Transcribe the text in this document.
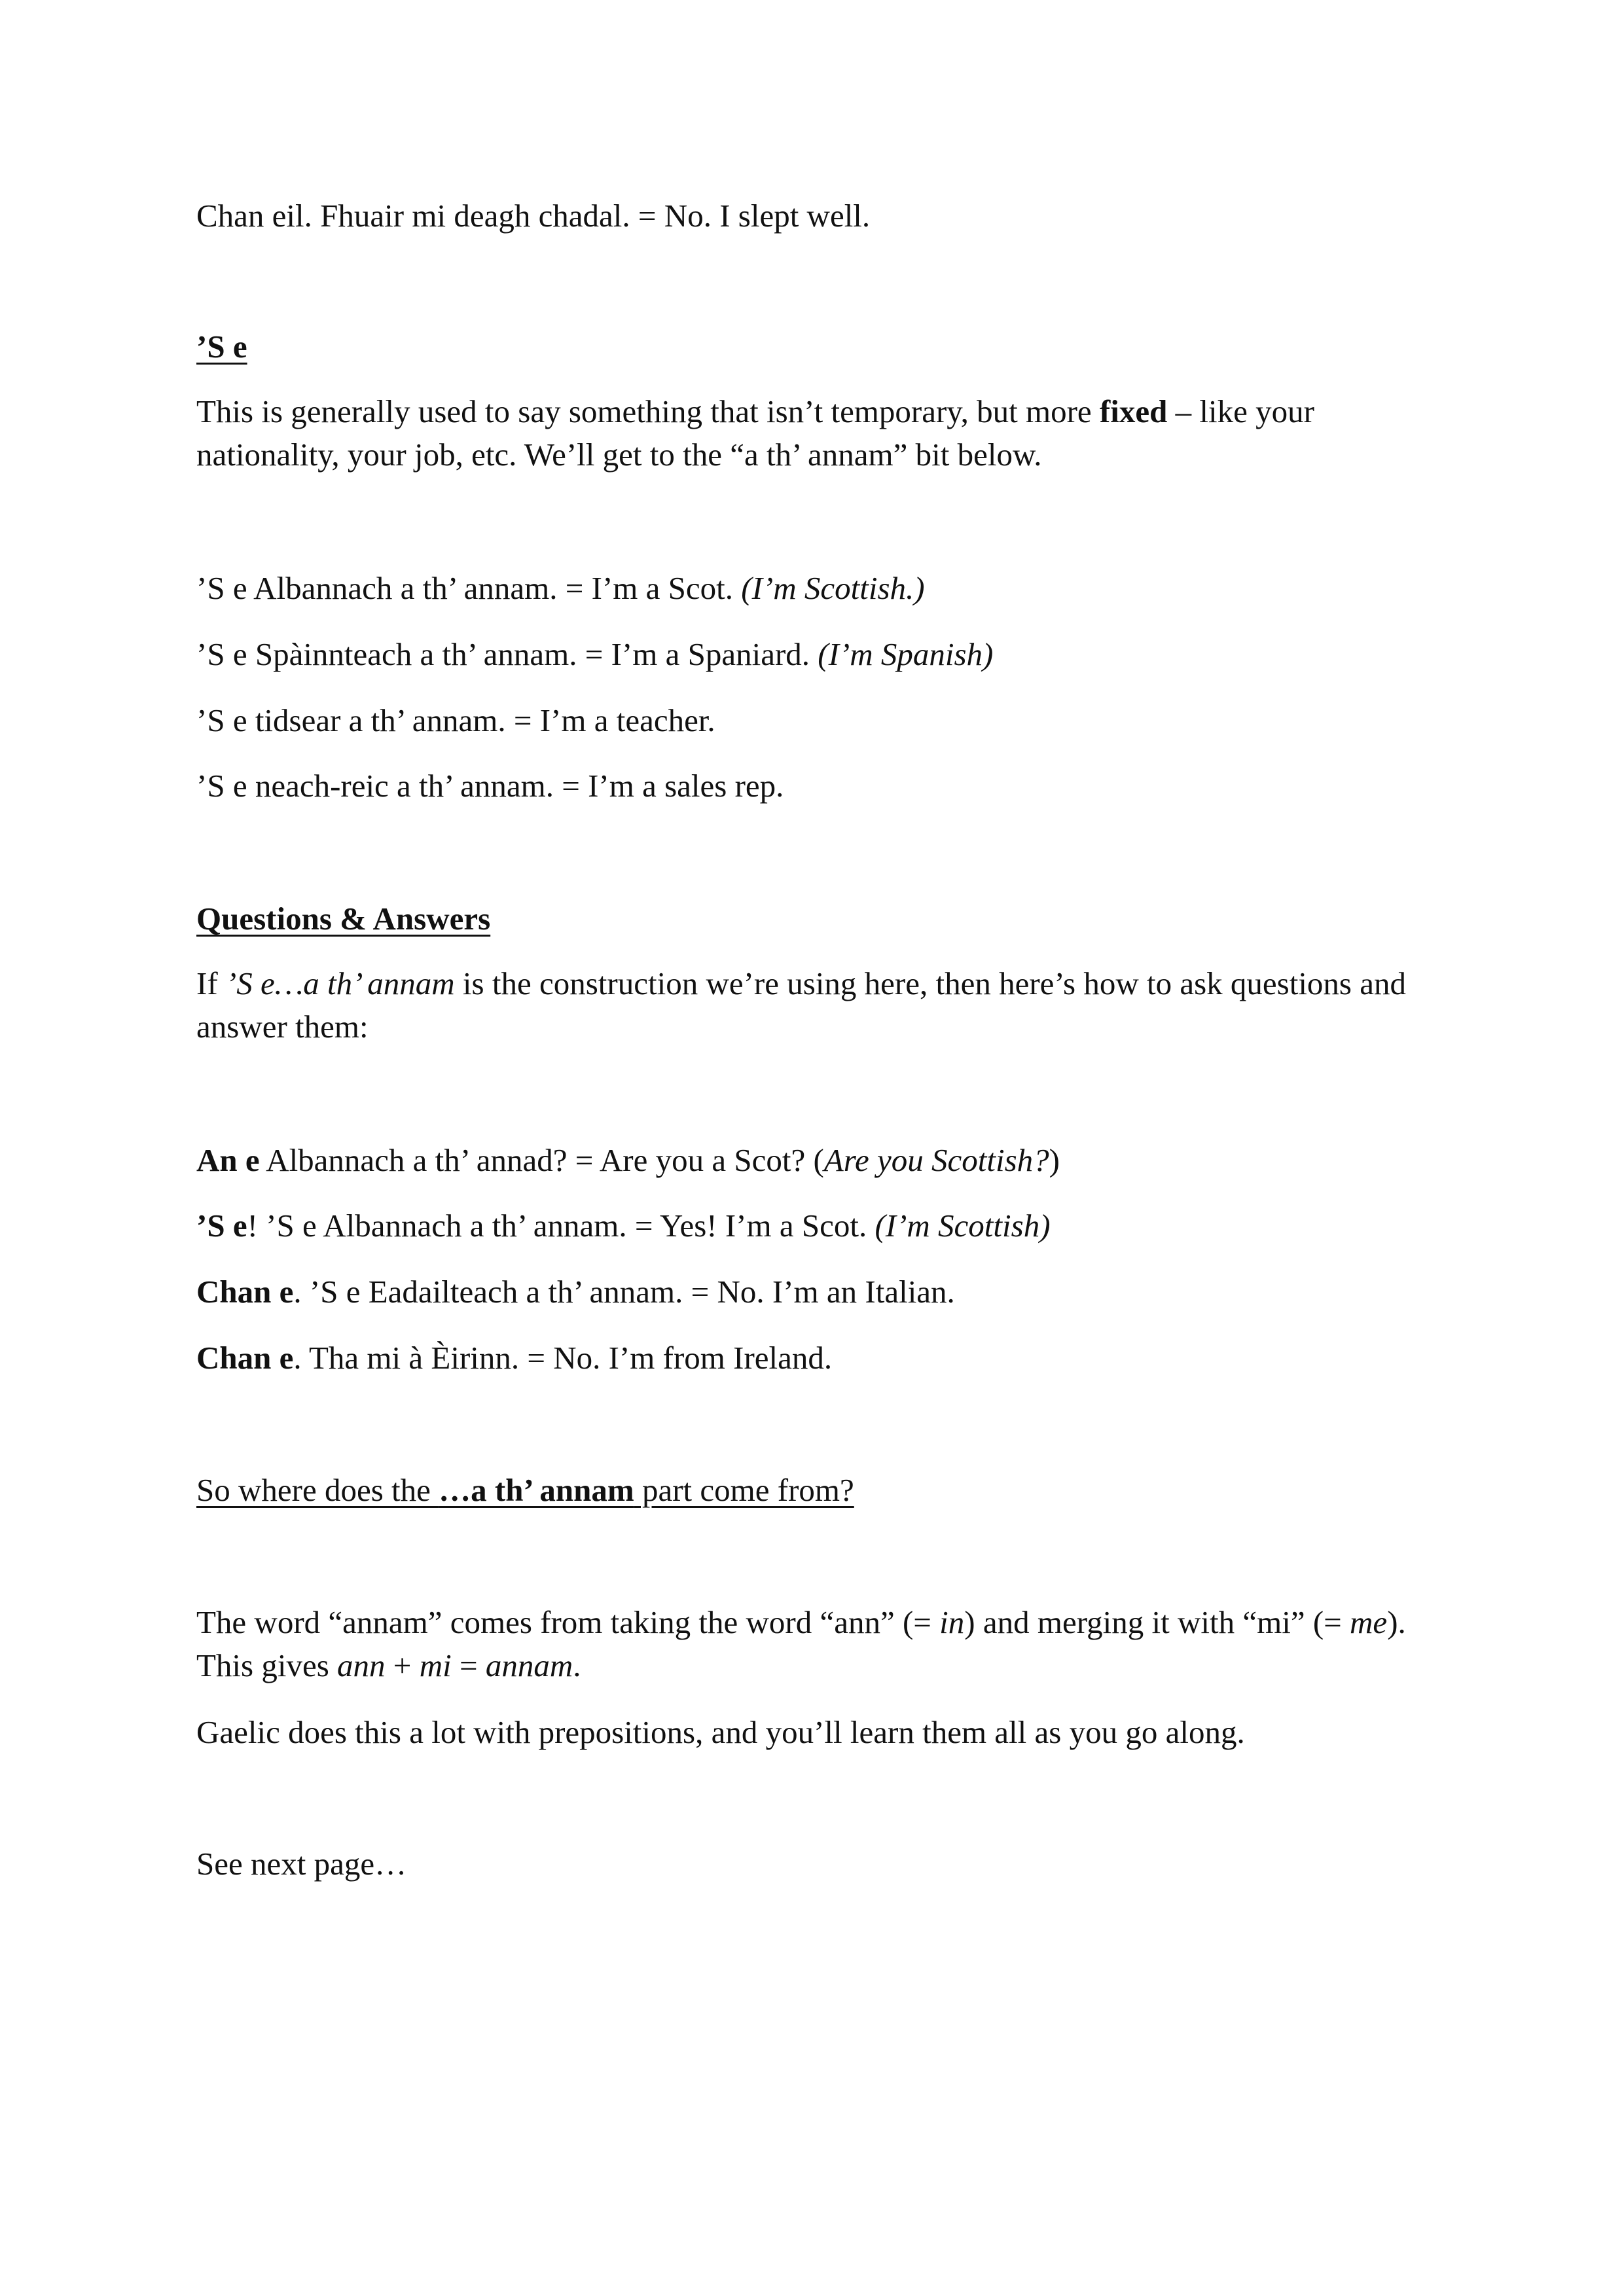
Chan eil. Fhuair mi deagh chadal. = No. I slept well.

’S e

This is generally used to say something that isn’t temporary, but more fixed – like your nationality, your job, etc. We’ll get to the “a th’ annam” bit below.

’S e Albannach a th’ annam. = I’m a Scot. (I’m Scottish.)

’S e Spàinnteach a th’ annam. = I’m a Spaniard. (I’m Spanish)

’S e tidsear a th’ annam. = I’m a teacher.

’S e neach-reic a th’ annam. = I’m a sales rep.

Questions & Answers

If ’S e…a th’ annam is the construction we’re using here, then here’s how to ask questions and answer them:

An e Albannach a th’ annad? = Are you a Scot? (Are you Scottish?)

’S e! ’S e Albannach a th’ annam. = Yes! I’m a Scot. (I’m Scottish)

Chan e. ’S e Eadailteach a th’ annam. = No. I’m an Italian.

Chan e. Tha mi à Èirinn. = No. I’m from Ireland.

So where does the …a th’ annam part come from?

The word “annam” comes from taking the word “ann” (= in) and merging it with “mi” (= me). This gives ann + mi = annam.

Gaelic does this a lot with prepositions, and you’ll learn them all as you go along.

See next page…
